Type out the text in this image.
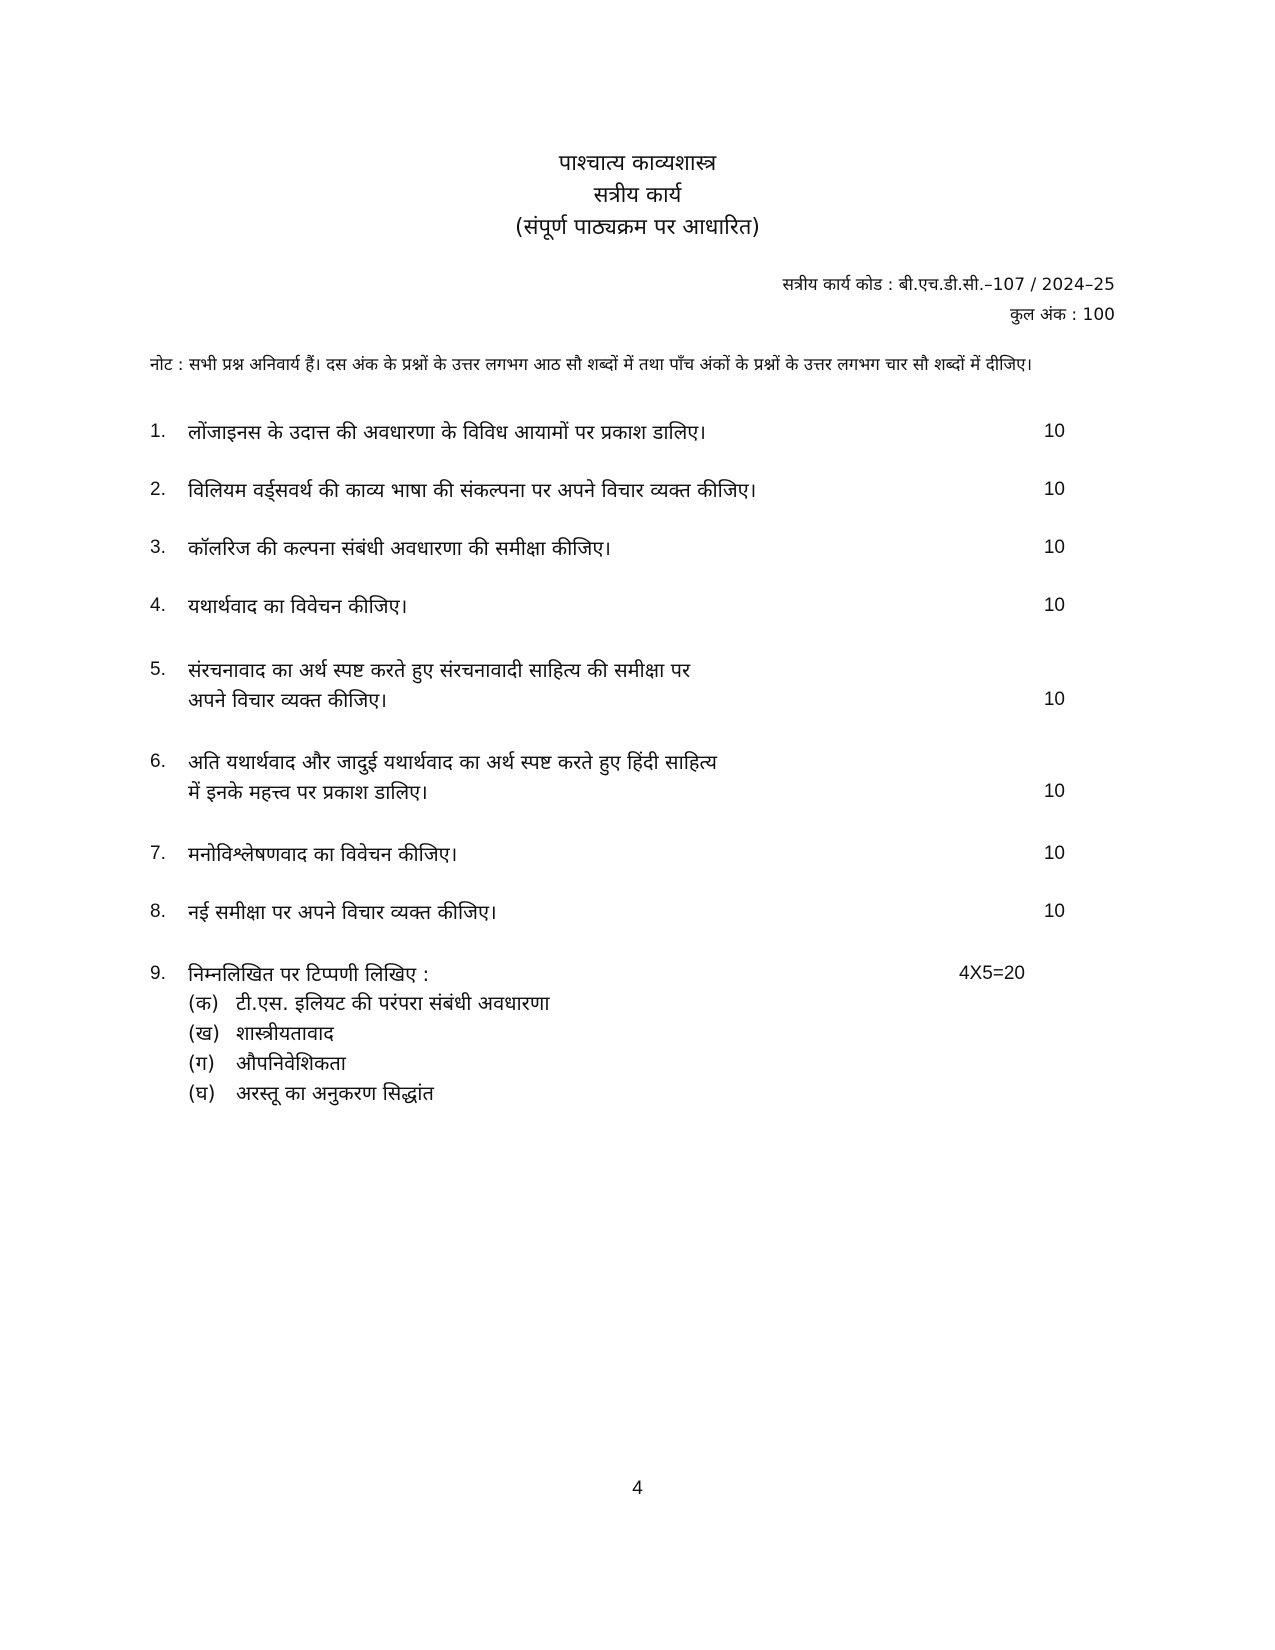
पाश्चात्य काव्यशास्त्र
सत्रीय कार्य
(संपूर्ण पाठ्यक्रम पर आधारित)
सत्रीय कार्य कोड : बी.एच.डी.सी.–107 / 2024–25
कुल अंक : 100
नोट : सभी प्रश्न अनिवार्य हैं। दस अंक के प्रश्नों के उत्तर लगभग आठ सौ शब्दों में तथा पाँच अंकों के प्रश्नों के उत्तर लगभग चार सौ शब्दों में दीजिए।
1. लोंजाइनस के उदात्त की अवधारणा के विविध आयामों पर प्रकाश डालिए।	10
2. विलियम वर्ड्सवर्थ की काव्य भाषा की संकल्पना पर अपने विचार व्यक्त कीजिए।	10
3. कॉलरिज की कल्पना संबंधी अवधारणा की समीक्षा कीजिए।	10
4. यथार्थवाद का विवेचन कीजिए।	10
5. संरचनावाद का अर्थ स्पष्ट करते हुए संरचनावादी साहित्य की समीक्षा पर
अपने विचार व्यक्त कीजिए।	10
6. अति यथार्थवाद और जादुई यथार्थवाद का अर्थ स्पष्ट करते हुए हिंदी साहित्य
में इनके महत्त्व पर प्रकाश डालिए।	10
7. मनोविश्लेषणवाद का विवेचन कीजिए।	10
8. नई समीक्षा पर अपने विचार व्यक्त कीजिए।	10
9. निम्नलिखित पर टिप्पणी लिखिए :	4X5=20
(क) टी.एस. इलियट की परंपरा संबंधी अवधारणा
(ख) शास्त्रीयतावाद
(ग) औपनिवेशिकता
(घ) अरस्तू का अनुकरण सिद्धांत
4
